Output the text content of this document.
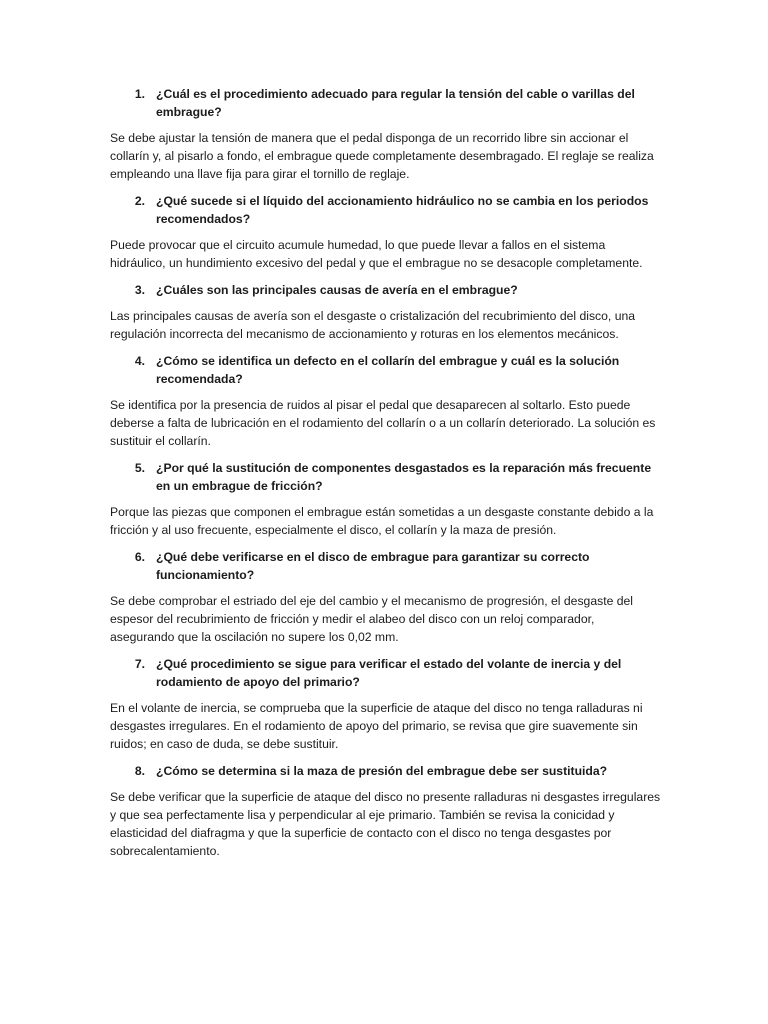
1. ¿Cuál es el procedimiento adecuado para regular la tensión del cable o varillas del embrague?

Se debe ajustar la tensión de manera que el pedal disponga de un recorrido libre sin accionar el collarín y, al pisarlo a fondo, el embrague quede completamente desembragado. El reglaje se realiza empleando una llave fija para girar el tornillo de reglaje.

2. ¿Qué sucede si el líquido del accionamiento hidráulico no se cambia en los periodos recomendados?

Puede provocar que el circuito acumule humedad, lo que puede llevar a fallos en el sistema hidráulico, un hundimiento excesivo del pedal y que el embrague no se desacople completamente.

3. ¿Cuáles son las principales causas de avería en el embrague?

Las principales causas de avería son el desgaste o cristalización del recubrimiento del disco, una regulación incorrecta del mecanismo de accionamiento y roturas en los elementos mecánicos.

4. ¿Cómo se identifica un defecto en el collarín del embrague y cuál es la solución recomendada?

Se identifica por la presencia de ruidos al pisar el pedal que desaparecen al soltarlo. Esto puede deberse a falta de lubricación en el rodamiento del collarín o a un collarín deteriorado. La solución es sustituir el collarín.

5. ¿Por qué la sustitución de componentes desgastados es la reparación más frecuente en un embrague de fricción?

Porque las piezas que componen el embrague están sometidas a un desgaste constante debido a la fricción y al uso frecuente, especialmente el disco, el collarín y la maza de presión.

6. ¿Qué debe verificarse en el disco de embrague para garantizar su correcto funcionamiento?

Se debe comprobar el estriado del eje del cambio y el mecanismo de progresión, el desgaste del espesor del recubrimiento de fricción y medir el alabeo del disco con un reloj comparador, asegurando que la oscilación no supere los 0,02 mm.

7. ¿Qué procedimiento se sigue para verificar el estado del volante de inercia y del rodamiento de apoyo del primario?

En el volante de inercia, se comprueba que la superficie de ataque del disco no tenga ralladuras ni desgastes irregulares. En el rodamiento de apoyo del primario, se revisa que gire suavemente sin ruidos; en caso de duda, se debe sustituir.

8. ¿Cómo se determina si la maza de presión del embrague debe ser sustituida?

Se debe verificar que la superficie de ataque del disco no presente ralladuras ni desgastes irregulares y que sea perfectamente lisa y perpendicular al eje primario. También se revisa la conicidad y elasticidad del diafragma y que la superficie de contacto con el disco no tenga desgastes por sobrecalentamiento.
